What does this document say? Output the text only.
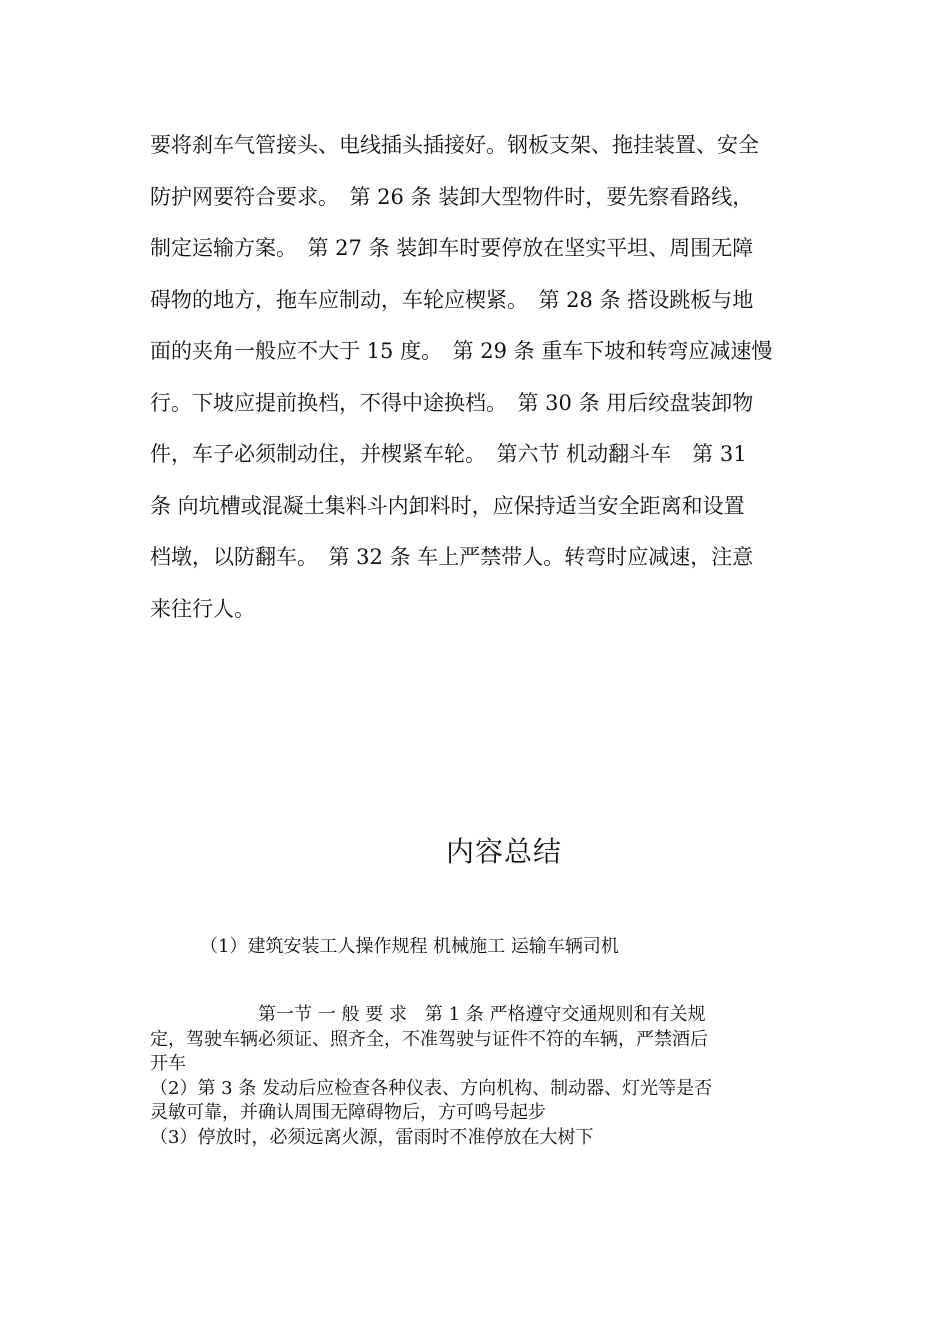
要将刹车气管接头、电线插头插接好。钢板支架、拖挂装置、安全
防护网要符合要求。　第 26 条 装卸大型物件时，要先察看路线，
制定运输方案。　第 27 条 装卸车时要停放在坚实平坦、周围无障
碍物的地方，拖车应制动，车轮应楔紧。　第 28 条 搭设跳板与地
面的夹角一般应不大于 15 度。　第 29 条 重车下坡和转弯应减速慢
行。下坡应提前换档，不得中途换档。　第 30 条 用后绞盘装卸物
件，车子必须制动住，并楔紧车轮。　第六节 机动翻斗车　第 31
条 向坑槽或混凝土集料斗内卸料时，应保持适当安全距离和设置
档墩，以防翻车。　第 32 条 车上严禁带人。转弯时应减速，注意
来往行人。
内容总结

（1）建筑安装工人操作规程 机械施工 运输车辆司机

　　　　　　第一节 一 般 要 求　第 1 条 严格遵守交通规则和有关规
定，驾驶车辆必须证、照齐全，不准驾驶与证件不符的车辆，严禁酒后
开车
（2）第 3 条 发动后应检查各种仪表、方向机构、制动器、灯光等是否
灵敏可靠，并确认周围无障碍物后，方可鸣号起步
（3）停放时，必须远离火源，雷雨时不准停放在大树下
